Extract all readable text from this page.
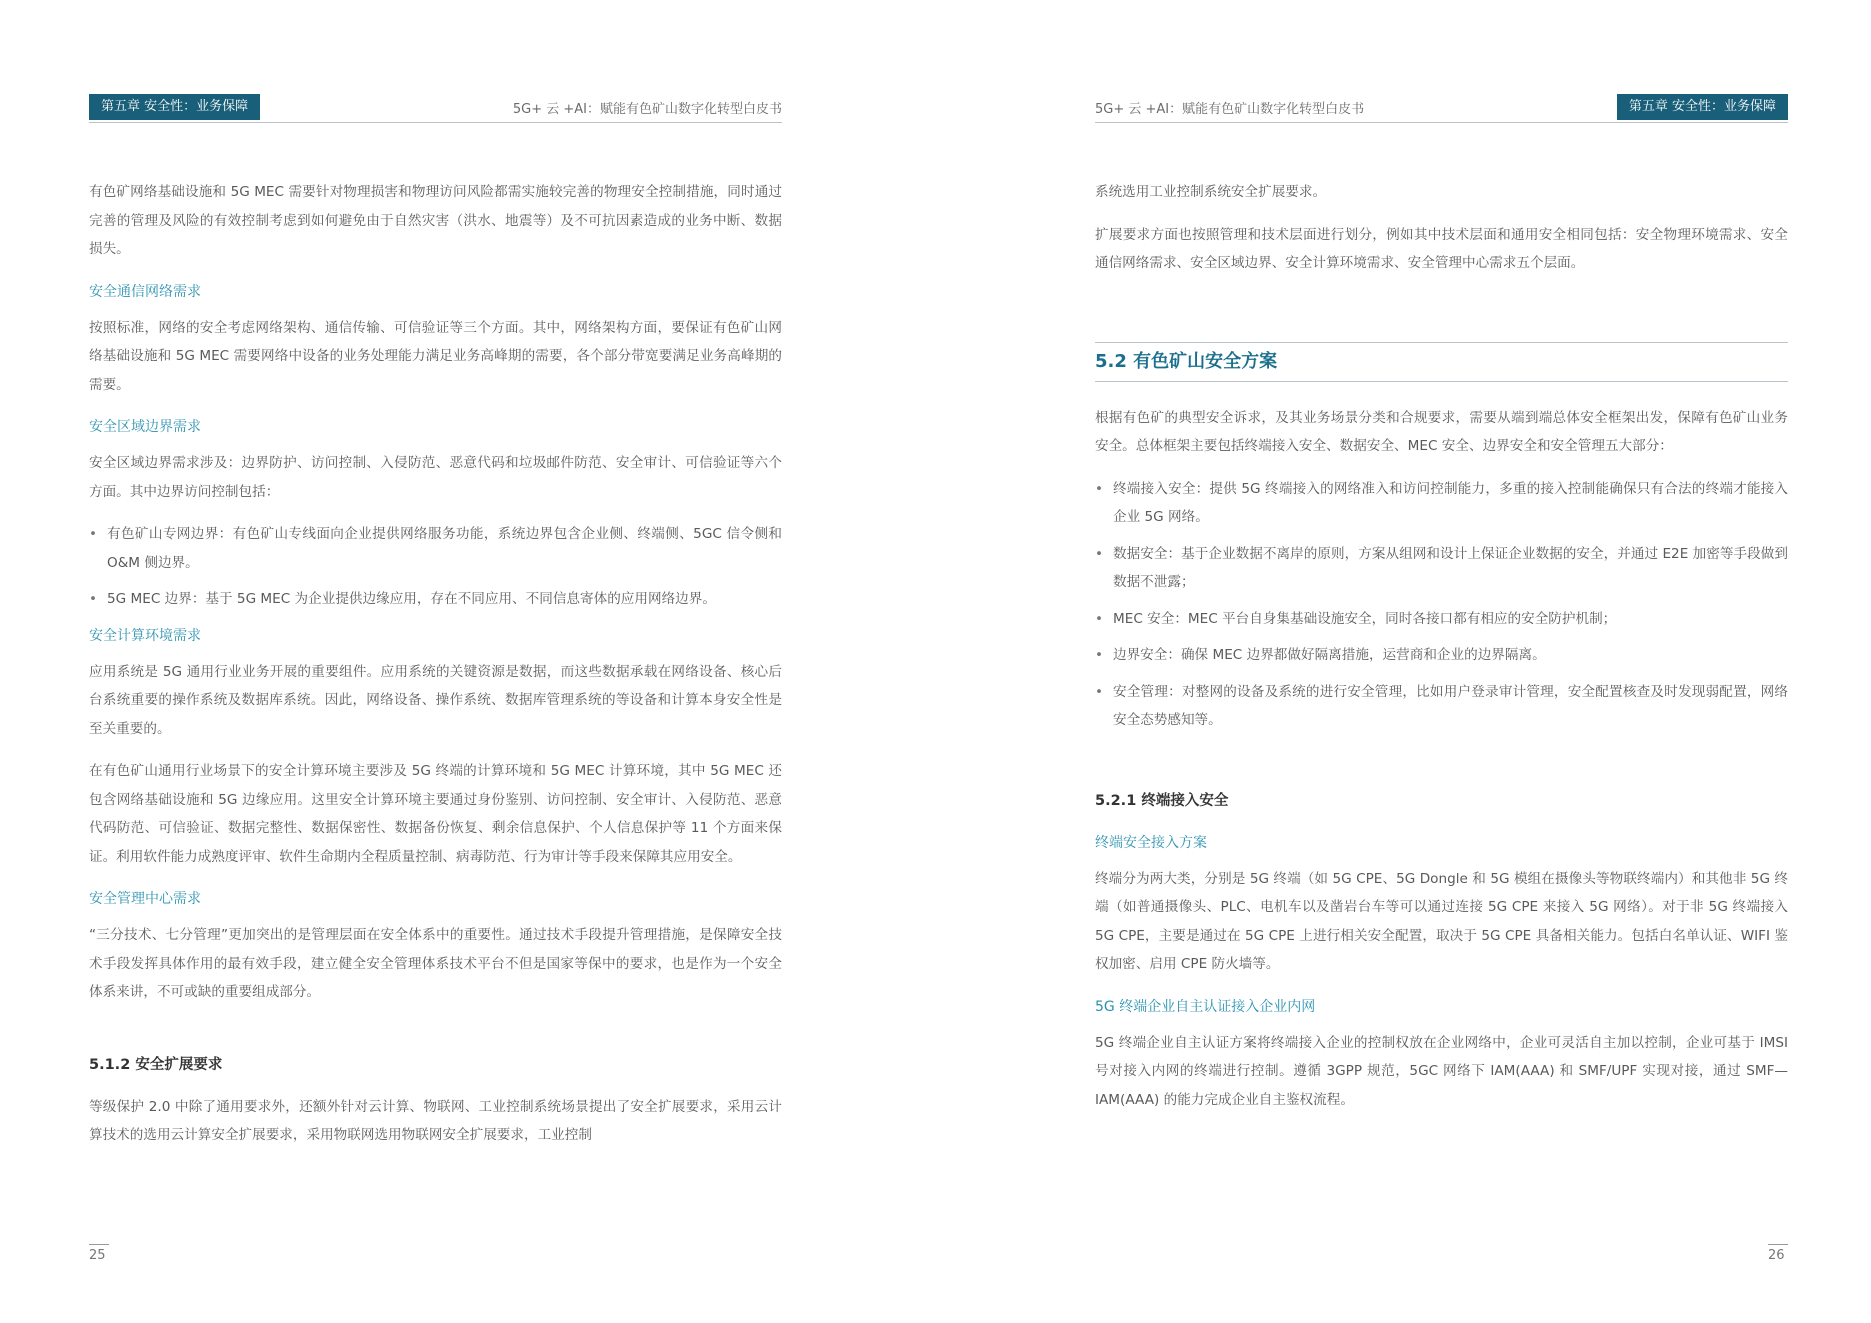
第五章 安全性：业务保障	5G+ 云 +AI：赋能有色矿山数字化转型白皮书

有色矿网络基础设施和 5G MEC 需要针对物理损害和物理访问风险都需实施较完善的物理安全控制措施，同时通过完善的管理及风险的有效控制考虑到如何避免由于自然灾害（洪水、地震等）及不可抗因素造成的业务中断、数据损失。

安全通信网络需求

按照标准，网络的安全考虑网络架构、通信传输、可信验证等三个方面。其中，网络架构方面，要保证有色矿山网络基础设施和 5G MEC 需要网络中设备的业务处理能力满足业务高峰期的需要，各个部分带宽要满足业务高峰期的需要。

安全区域边界需求

安全区域边界需求涉及：边界防护、访问控制、入侵防范、恶意代码和垃圾邮件防范、安全审计、可信验证等六个方面。其中边界访问控制包括：

• 有色矿山专网边界：有色矿山专线面向企业提供网络服务功能，系统边界包含企业侧、终端侧、5GC 信令侧和 O&M 侧边界。
• 5G MEC 边界：基于 5G MEC 为企业提供边缘应用，存在不同应用、不同信息寄体的应用网络边界。
安全计算环境需求

应用系统是 5G 通用行业业务开展的重要组件。应用系统的关键资源是数据，而这些数据承载在网络设备、核心后台系统重要的操作系统及数据库系统。因此，网络设备、操作系统、数据库管理系统的等设备和计算本身安全性是至关重要的。

在有色矿山通用行业场景下的安全计算环境主要涉及 5G 终端的计算环境和 5G MEC 计算环境，其中 5G MEC 还包含网络基础设施和 5G 边缘应用。这里安全计算环境主要通过身份鉴别、访问控制、安全审计、入侵防范、恶意代码防范、可信验证、数据完整性、数据保密性、数据备份恢复、剩余信息保护、个人信息保护等 11 个方面来保证。利用软件能力成熟度评审、软件生命期内全程质量控制、病毒防范、行为审计等手段来保障其应用安全。

安全管理中心需求

“三分技术、七分管理”更加突出的是管理层面在安全体系中的重要性。通过技术手段提升管理措施，是保障安全技术手段发挥具体作用的最有效手段，建立健全安全管理体系技术平台不但是国家等保中的要求，也是作为一个安全体系来讲，不可或缺的重要组成部分。

5.1.2 安全扩展要求

等级保护 2.0 中除了通用要求外，还额外针对云计算、物联网、工业控制系统场景提出了安全扩展要求，采用云计算技术的选用云计算安全扩展要求，采用物联网选用物联网安全扩展要求，工业控制

25
5G+ 云 +AI：赋能有色矿山数字化转型白皮书	第五章 安全性：业务保障

系统选用工业控制系统安全扩展要求。

扩展要求方面也按照管理和技术层面进行划分，例如其中技术层面和通用安全相同包括：安全物理环境需求、安全通信网络需求、安全区域边界、安全计算环境需求、安全管理中心需求五个层面。

5.2 有色矿山安全方案

根据有色矿的典型安全诉求，及其业务场景分类和合规要求，需要从端到端总体安全框架出发，保障有色矿山业务安全。总体框架主要包括终端接入安全、数据安全、MEC 安全、边界安全和安全管理五大部分：

• 终端接入安全：提供 5G 终端接入的网络准入和访问控制能力，多重的接入控制能确保只有合法的终端才能接入企业 5G 网络。
• 数据安全：基于企业数据不离岸的原则，方案从组网和设计上保证企业数据的安全，并通过 E2E 加密等手段做到数据不泄露；
• MEC 安全：MEC 平台自身集基础设施安全，同时各接口都有相应的安全防护机制；
• 边界安全：确保 MEC 边界都做好隔离措施，运营商和企业的边界隔离。
• 安全管理：对整网的设备及系统的进行安全管理，比如用户登录审计管理，安全配置核查及时发现弱配置，网络安全态势感知等。
5.2.1 终端接入安全
终端安全接入方案

终端分为两大类，分别是 5G 终端（如 5G CPE、5G Dongle 和 5G 模组在摄像头等物联终端内）和其他非 5G 终端（如普通摄像头、PLC、电机车以及凿岩台车等可以通过连接 5G CPE 来接入 5G 网络）。对于非 5G 终端接入 5G CPE，主要是通过在 5G CPE 上进行相关安全配置，取决于 5G CPE 具备相关能力。包括白名单认证、WIFI 鉴权加密、启用 CPE 防火墙等。

5G 终端企业自主认证接入企业内网

5G 终端企业自主认证方案将终端接入企业的控制权放在企业网络中，企业可灵活自主加以控制，企业可基于 IMSI 号对接入内网的终端进行控制。遵循 3GPP 规范，5GC 网络下 IAM(AAA) 和 SMF/UPF 实现对接，通过 SMF—IAM(AAA) 的能力完成企业自主鉴权流程。

26
